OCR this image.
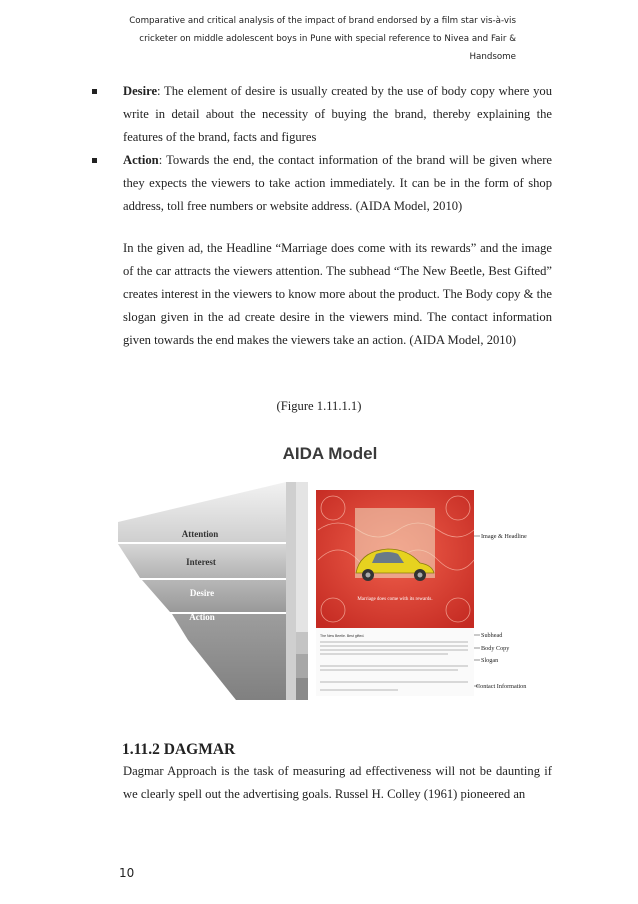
Comparative and critical analysis of the impact of brand endorsed by a film star vis-à-vis
cricketer on middle adolescent boys in Pune with special reference to Nivea and Fair &
Handsome
Desire: The element of desire is usually created by the use of body copy where you write in detail about the necessity of buying the brand, thereby explaining the features of the brand, facts and figures
Action: Towards the end, the contact information of the brand will be given where they expects the viewers to take action immediately. It can be in the form of shop address, toll free numbers or website address. (AIDA Model, 2010)
In the given ad, the Headline “Marriage does come with its rewards” and the image of the car attracts the viewers attention. The subhead “The New Beetle, Best Gifted” creates interest in the viewers to know more about the product. The Body copy & the slogan given in the ad create desire in the viewers mind. The contact information given towards the end makes the viewers take an action. (AIDA Model, 2010)
(Figure 1.11.1.1)
AIDA Model
Attention
Interest
Desire
Action
Marriage does come with its rewards.
The New Beetle. Best gifted.
Image & Headline
Subhead
Body Copy
Slogan
Contact Information
1.11.2 DAGMAR
Dagmar Approach is the task of measuring ad effectiveness will not be daunting if we clearly spell out the advertising goals. Russel H. Colley (1961) pioneered an
10
